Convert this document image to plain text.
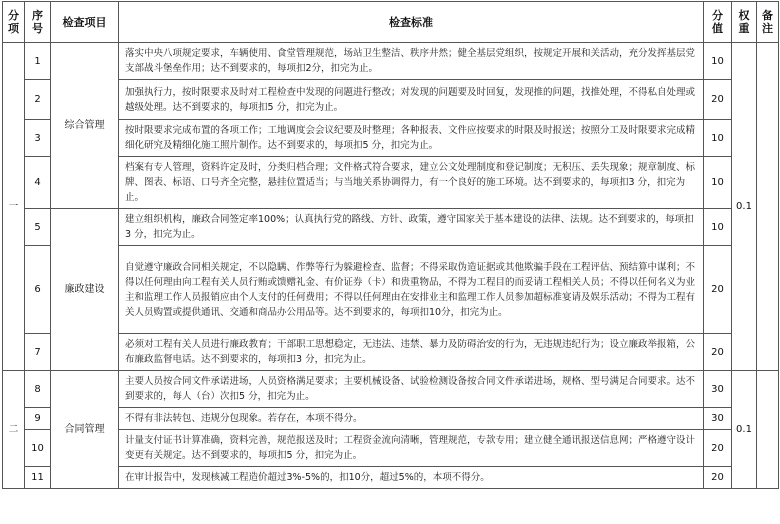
分项	序号	检查项目	检查标准	分值	权重	备注
一	1	综合管理	落实中央八项规定要求，车辆使用、食堂管理规范，场站卫生整洁、秩序井然；健全基层党组织，按规定开展和关活动，充分发挥基层党支部战斗堡垒作用；达不到要求的，每项扣2分，扣完为止。	10	0.1	
	2		加强执行力，按时限要求及时对工程检查中发现的问题进行整改；对发现的问题要及时回复，发现推的问题，找推处理，不得私自处理或越级处理。达不到要求的，每项扣5 分，扣完为止。	20		
	3		按时限要求完成布置的各项工作；工地调度会会议纪要及时整理；各种报表、文件应按要求的时限及时报送；按照分工及时限要求完成精细化研究及精细化施工照片制作。达不到要求的，每项扣5 分，扣完为止。	10		
	4		档案有专人管理，资料许定及时，分类归档合理；文件格式符合要求，建立公文处理制度和登记制度；无积压、丢失现象；规章制度、标牌、图表、标语、口号齐全完整，悬挂位置适当；与当地关系协调得力，有一个良好的施工环境。达不到要求的，每项扣3 分，扣完为止。	10		
	5	廉政建设	建立组织机构，廉政合同签定率100%；认真执行党的路线、方针、政策，遵守国家关于基本建设的法律、法规。达不到要求的，每项扣3 分，扣完为止。	10		
	6		自觉遵守廉政合同相关规定，不以隐瞒、作弊等行为躲避检查、监督；不得采取伪造证据或其他欺骗手段在工程评估、预结算中谋利；不得以任何理由向工程有关人员行贿或馈赠礼金、有价证券（卡）和贵重物品，不得为工程目的而妥请工程相关人员；不得以任何名义为业主和监理工作人员报销应由个人支付的任何费用；不得以任何理由在安排业主和监理工作人员参加超标准宴请及娱乐活动；不得为工程有关人员购置或提供通讯、交通和商品办公用品等。达不到要求的，每项扣10分，扣完为止。	20		
	7		必须对工程有关人员进行廉政教育；干部职工思想稳定，无违法、违禁、暴力及防碍治安的行为，无违规违纪行为；设立廉政举报箱，公布廉政监督电话。达不到要求的，每项扣3 分，扣完为止。	20		
二	8	合同管理	主要人员按合同文件承诺进场，人员资格满足要求；主要机械设备、试验检测设备按合同文件承诺进场，规格、型号满足合同要求。达不到要求的，每人（台）次扣5 分，扣完为止。	30	0.1	
	9		不得有非法转包、违规分包现象。若存在，本项不得分。	30		
	10		计量支付证书计算准确，资料完善，规范报送及时；工程资金流向清晰，管理规范，专款专用；建立健全通讯报送信息网；严格遵守设计变更有关规定。达不到要求的，每项扣5 分，扣完为止。	20		
	11		在审计报告中，发现核减工程造价超过3%-5%的，扣10分，超过5%的，本项不得分。	20		
